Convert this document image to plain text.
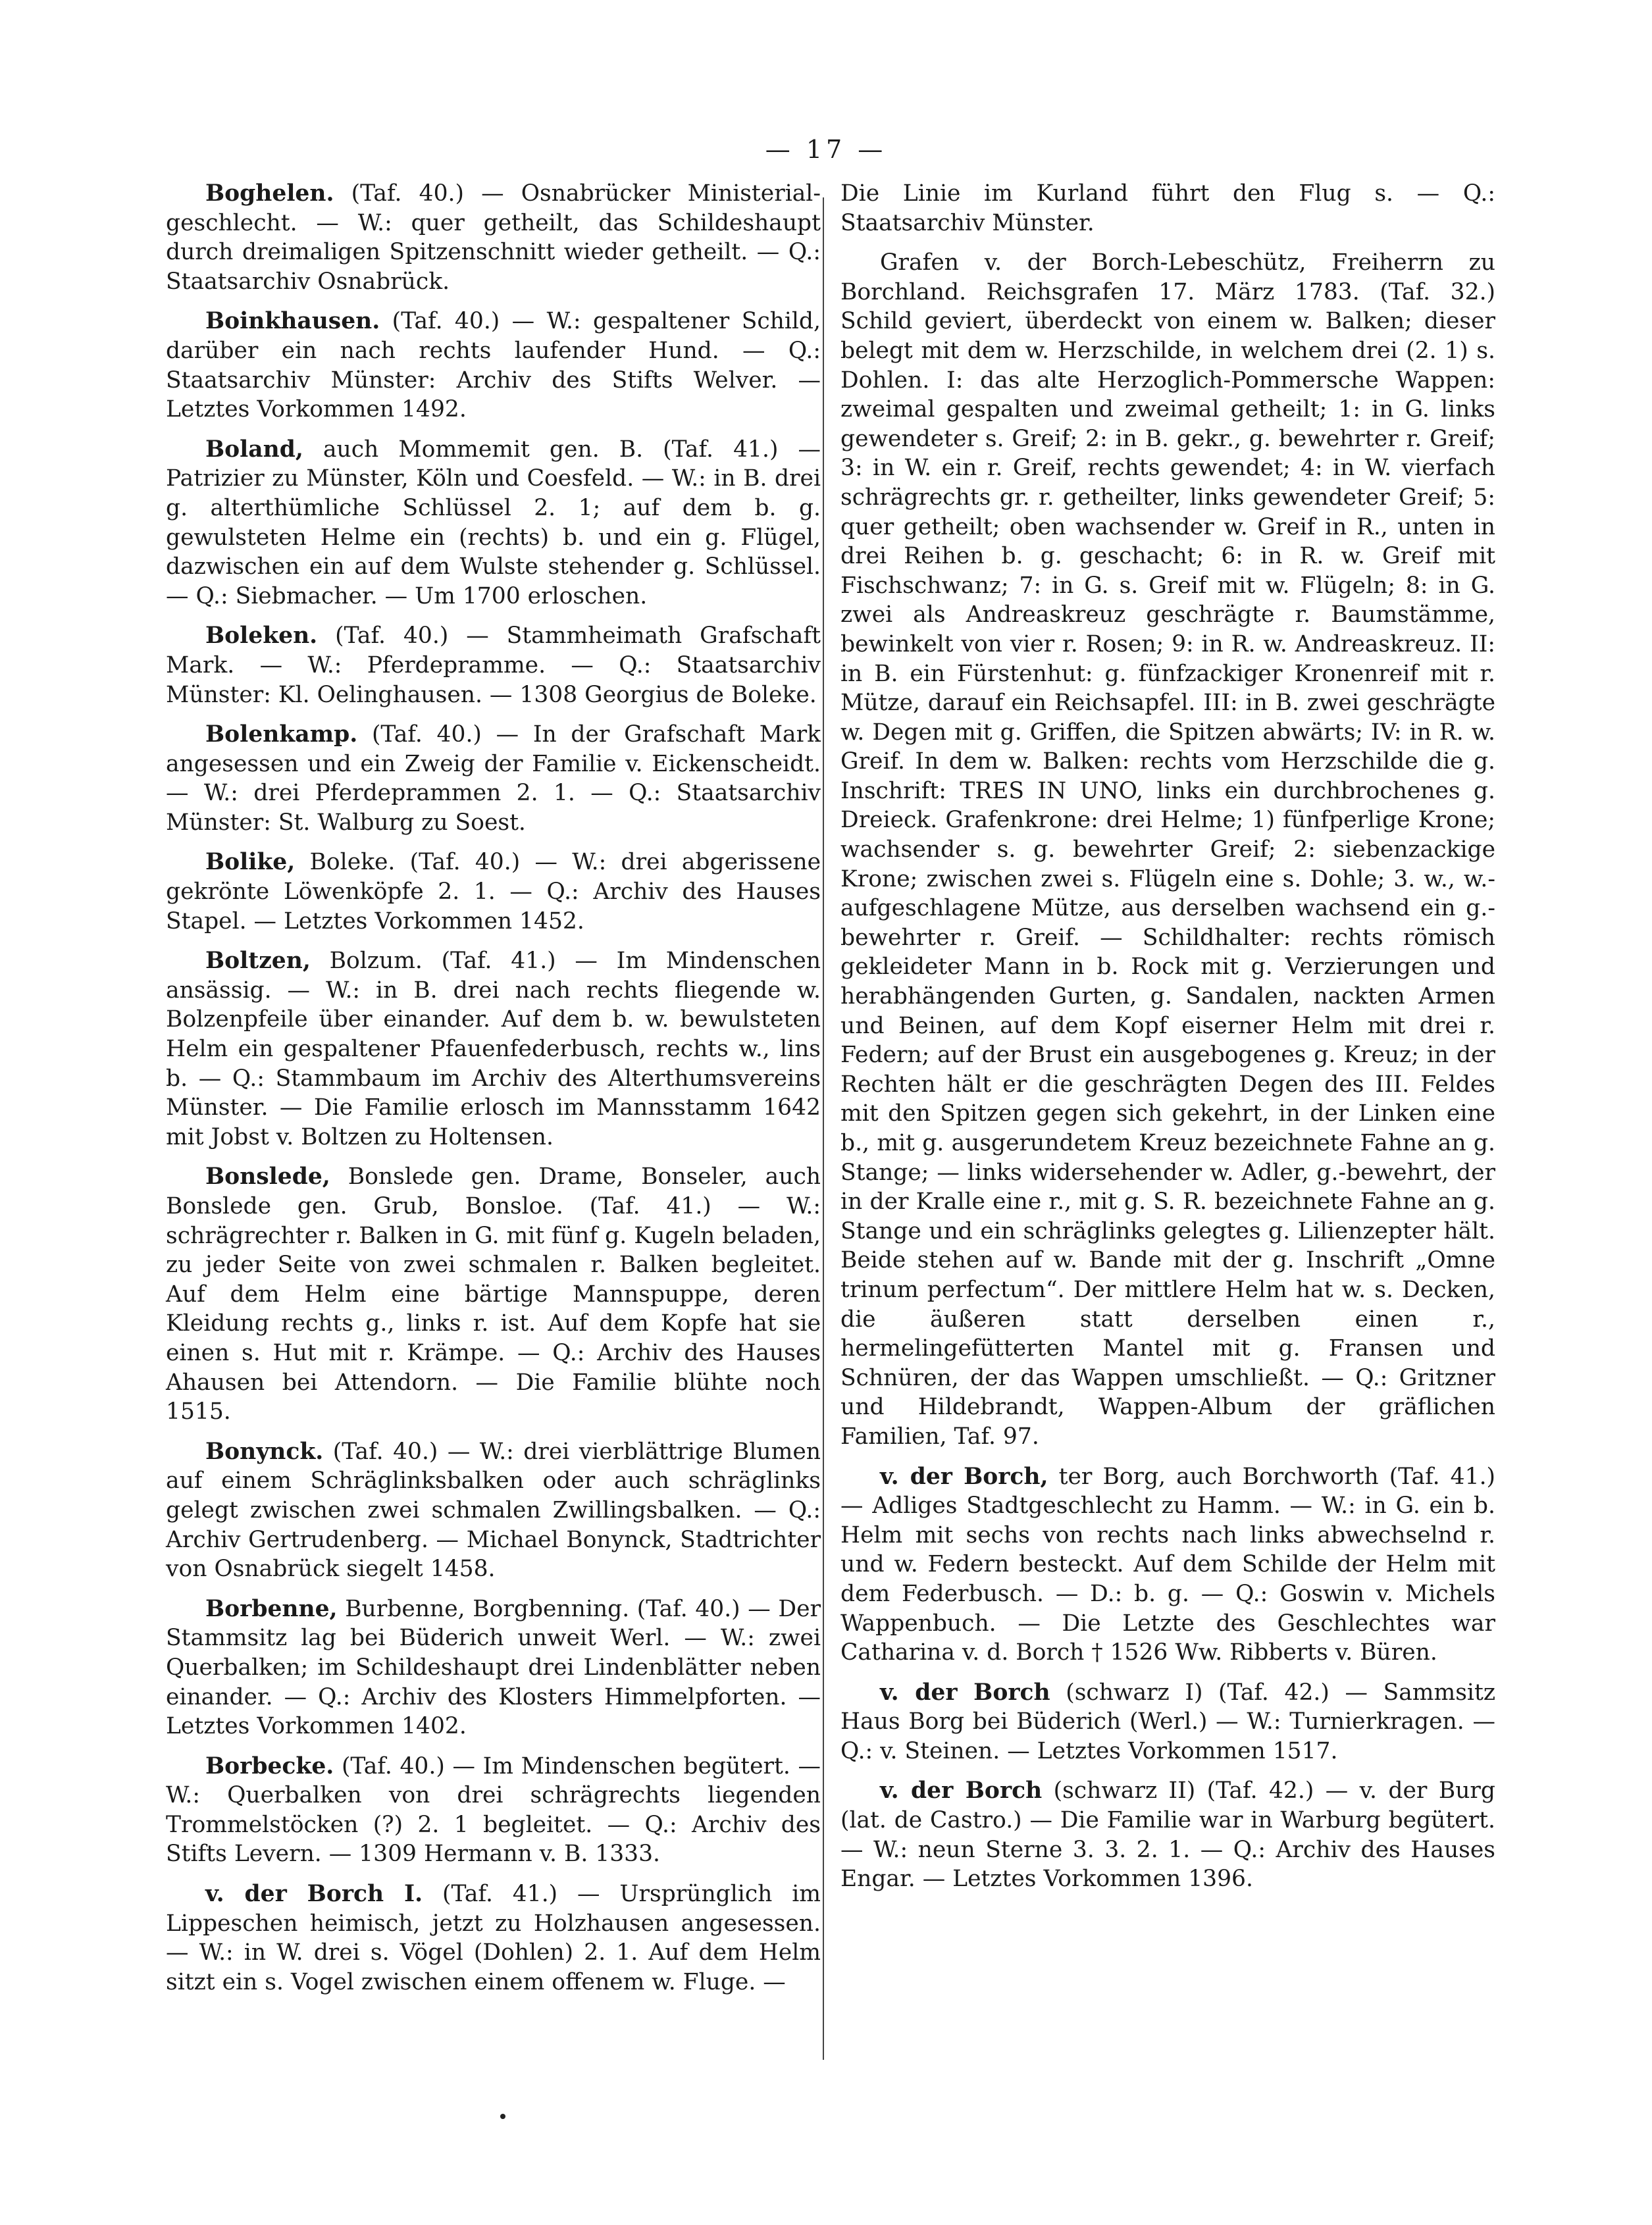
— 17 —

Boghelen. (Taf. 40.) — Osnabrücker Ministerial-geschlecht. — W.: quer getheilt, das Schildeshaupt durch dreimaligen Spitzenschnitt wieder getheilt. — Q.: Staatsarchiv Osnabrück.

Boinkhausen. (Taf. 40.) — W.: gespaltener Schild, darüber ein nach rechts laufender Hund. — Q.: Staatsarchiv Münster: Archiv des Stifts Welver. — Letztes Vorkommen 1492.

Boland, auch Mommemit gen. B. (Taf. 41.) — Patrizier zu Münster, Köln und Coesfeld. — W.: in B. drei g. alterthümliche Schlüssel 2. 1; auf dem b. g. gewulsteten Helme ein (rechts) b. und ein g. Flügel, dazwischen ein auf dem Wulste stehender g. Schlüssel. — Q.: Siebmacher. — Um 1700 erloschen.

Boleken. (Taf. 40.) — Stammheimath Grafschaft Mark. — W.: Pferdepramme. — Q.: Staatsarchiv Münster: Kl. Oelinghausen. — 1308 Georgius de Boleke.

Bolenkamp. (Taf. 40.) — In der Grafschaft Mark angesessen und ein Zweig der Familie v. Eickenscheidt. — W.: drei Pferdeprammen 2. 1. — Q.: Staatsarchiv Münster: St. Walburg zu Soest.

Bolike, Boleke. (Taf. 40.) — W.: drei abgerissene gekrönte Löwenköpfe 2. 1. — Q.: Archiv des Hauses Stapel. — Letztes Vorkommen 1452.

Boltzen, Bolzum. (Taf. 41.) — Im Mindenschen ansässig. — W.: in B. drei nach rechts fliegende w. Bolzenpfeile über einander. Auf dem b. w. bewulsteten Helm ein gespaltener Pfauenfederbusch, rechts w., lins b. — Q.: Stammbaum im Archiv des Alterthumsvereins Münster. — Die Familie erlosch im Mannsstamm 1642 mit Jobst v. Boltzen zu Holtensen.

Bonslede, Bonslede gen. Drame, Bonseler, auch Bonslede gen. Grub, Bonsloe. (Taf. 41.) — W.: schrägrechter r. Balken in G. mit fünf g. Kugeln beladen, zu jeder Seite von zwei schmalen r. Balken begleitet. Auf dem Helm eine bärtige Mannspuppe, deren Kleidung rechts g., links r. ist. Auf dem Kopfe hat sie einen s. Hut mit r. Krämpe. — Q.: Archiv des Hauses Ahausen bei Attendorn. — Die Familie blühte noch 1515.

Bonynck. (Taf. 40.) — W.: drei vierblättrige Blumen auf einem Schräglinksbalken oder auch schräglinks gelegt zwischen zwei schmalen Zwillingsbalken. — Q.: Archiv Gertrudenberg. — Michael Bonynck, Stadtrichter von Osnabrück siegelt 1458.

Borbenne, Burbenne, Borgbenning. (Taf. 40.) — Der Stammsitz lag bei Büderich unweit Werl. — W.: zwei Querbalken; im Schildeshaupt drei Lindenblätter neben einander. — Q.: Archiv des Klosters Himmelpforten. — Letztes Vorkommen 1402.

Borbecke. (Taf. 40.) — Im Mindenschen begütert. — W.: Querbalken von drei schrägrechts liegenden Trommelstöcken (?) 2. 1 begleitet. — Q.: Archiv des Stifts Levern. — 1309 Hermann v. B. 1333.

v. der Borch I. (Taf. 41.) — Ursprünglich im Lippeschen heimisch, jetzt zu Holzhausen angesessen. — W.: in W. drei s. Vögel (Dohlen) 2. 1. Auf dem Helm sitzt ein s. Vogel zwischen einem offenem w. Fluge. —

Die Linie im Kurland führt den Flug s. — Q.: Staatsarchiv Münster.

Grafen v. der Borch-Lebeschütz, Freiherrn zu Borchland. Reichsgrafen 17. März 1783. (Taf. 32.) Schild geviert, überdeckt von einem w. Balken; dieser belegt mit dem w. Herzschilde, in welchem drei (2. 1) s. Dohlen. I: das alte Herzoglich-Pommersche Wappen: zweimal gespalten und zweimal getheilt; 1: in G. links gewendeter s. Greif; 2: in B. gekr., g. bewehrter r. Greif; 3: in W. ein r. Greif, rechts gewendet; 4: in W. vierfach schrägrechts gr. r. getheilter, links gewendeter Greif; 5: quer getheilt; oben wachsender w. Greif in R., unten in drei Reihen b. g. geschacht; 6: in R. w. Greif mit Fischschwanz; 7: in G. s. Greif mit w. Flügeln; 8: in G. zwei als Andreaskreuz geschrägte r. Baumstämme, bewinkelt von vier r. Rosen; 9: in R. w. Andreaskreuz. II: in B. ein Fürstenhut: g. fünfzackiger Kronenreif mit r. Mütze, darauf ein Reichsapfel. III: in B. zwei geschrägte w. Degen mit g. Griffen, die Spitzen abwärts; IV: in R. w. Greif. In dem w. Balken: rechts vom Herzschilde die g. Inschrift: TRES IN UNO, links ein durchbrochenes g. Dreieck. Grafenkrone: drei Helme; 1) fünfperlige Krone; wachsender s. g. bewehrter Greif; 2: siebenzackige Krone; zwischen zwei s. Flügeln eine s. Dohle; 3. w., w.-aufgeschlagene Mütze, aus derselben wachsend ein g.-bewehrter r. Greif. — Schildhalter: rechts römisch gekleideter Mann in b. Rock mit g. Verzierungen und herabhängenden Gurten, g. Sandalen, nackten Armen und Beinen, auf dem Kopf eiserner Helm mit drei r. Federn; auf der Brust ein ausgebogenes g. Kreuz; in der Rechten hält er die geschrägten Degen des III. Feldes mit den Spitzen gegen sich gekehrt, in der Linken eine b., mit g. ausgerundetem Kreuz bezeichnete Fahne an g. Stange; — links widersehender w. Adler, g.-bewehrt, der in der Kralle eine r., mit g. S. R. bezeichnete Fahne an g. Stange und ein schräglinks gelegtes g. Lilienzepter hält. Beide stehen auf w. Bande mit der g. Inschrift „Omne trinum perfectum“. Der mittlere Helm hat w. s. Decken, die äußeren statt derselben einen r., hermelingefütterten Mantel mit g. Fransen und Schnüren, der das Wappen umschließt. — Q.: Gritzner und Hildebrandt, Wappen-Album der gräflichen Familien, Taf. 97.

v. der Borch, ter Borg, auch Borchworth (Taf. 41.) — Adliges Stadtgeschlecht zu Hamm. — W.: in G. ein b. Helm mit sechs von rechts nach links abwechselnd r. und w. Federn besteckt. Auf dem Schilde der Helm mit dem Federbusch. — D.: b. g. — Q.: Goswin v. Michels Wappenbuch. — Die Letzte des Geschlechtes war Catharina v. d. Borch † 1526 Ww. Ribberts v. Büren.

v. der Borch (schwarz I) (Taf. 42.) — Sammsitz Haus Borg bei Büderich (Werl.) — W.: Turnierkragen. — Q.: v. Steinen. — Letztes Vorkommen 1517.

v. der Borch (schwarz II) (Taf. 42.) — v. der Burg (lat. de Castro.) — Die Familie war in Warburg begütert. — W.: neun Sterne 3. 3. 2. 1. — Q.: Archiv des Hauses Engar. — Letztes Vorkommen 1396.
